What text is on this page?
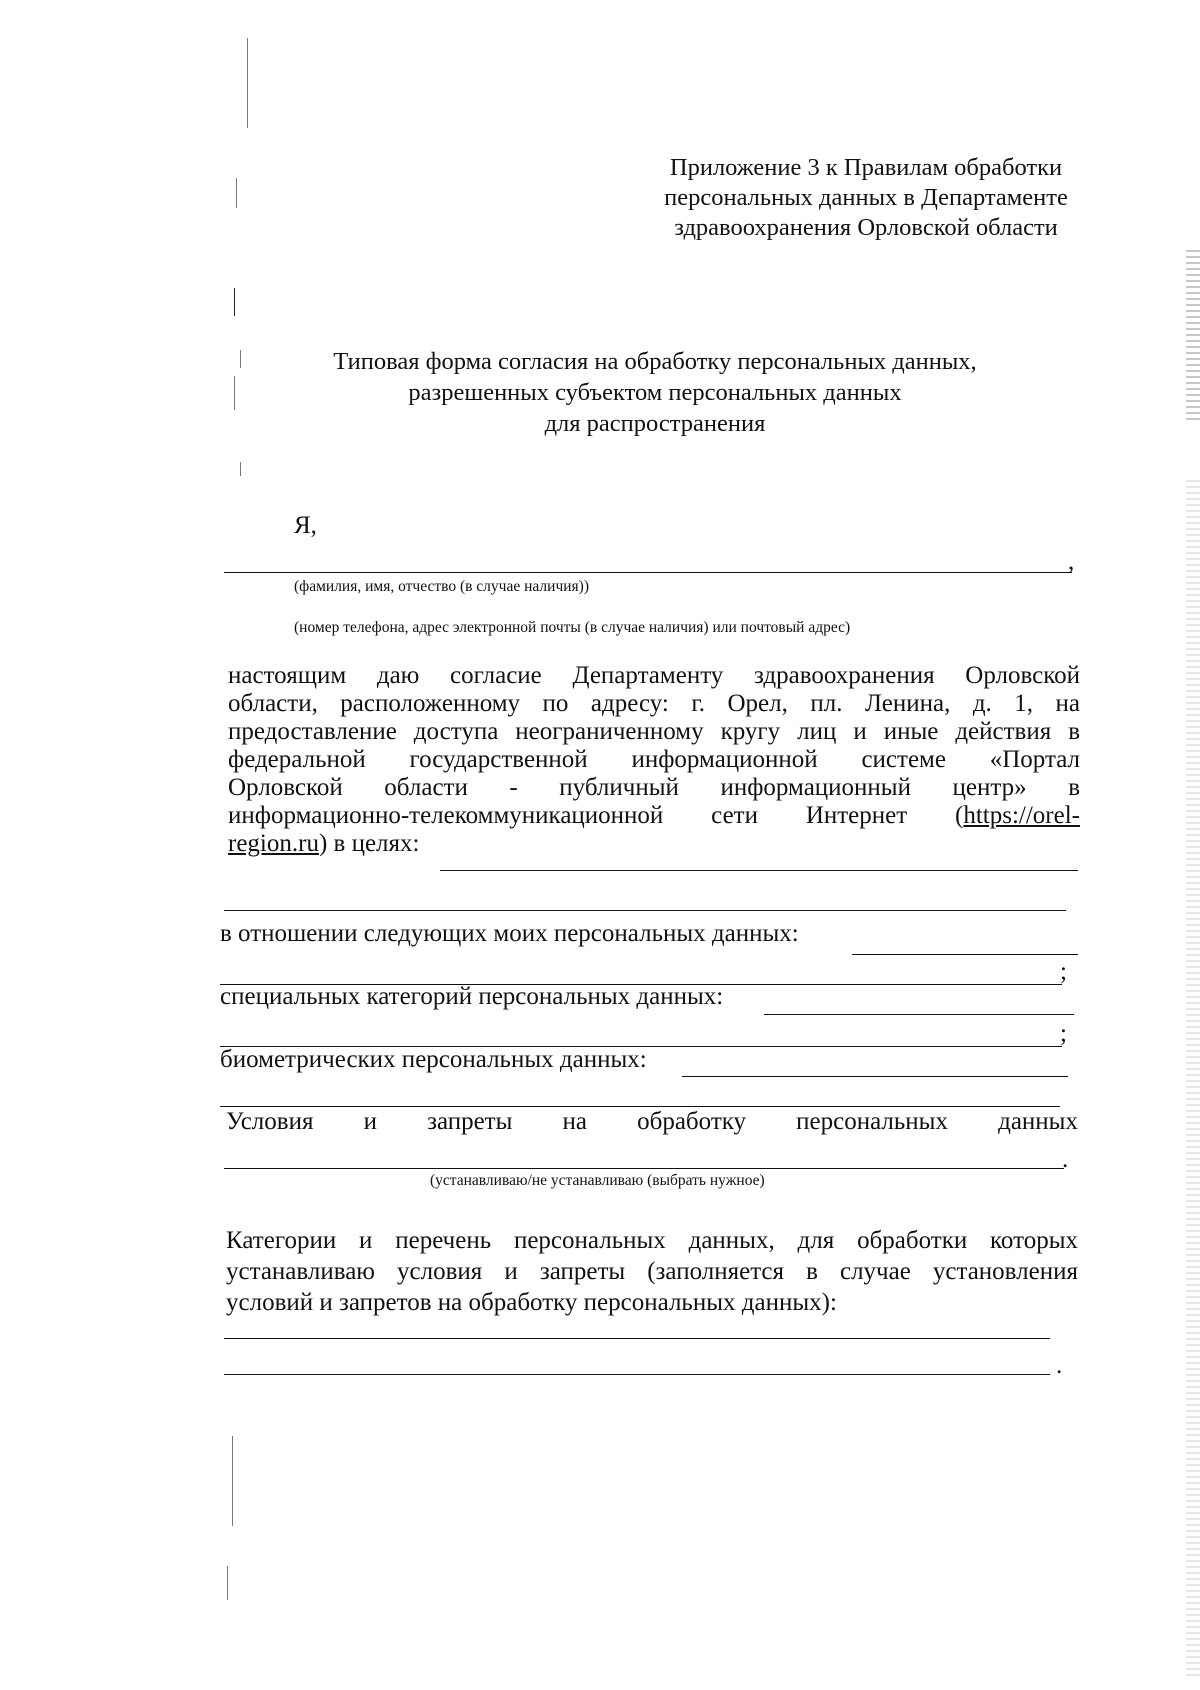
Приложение 3 к Правилам обработки
персональных данных в Департаменте
здравоохранения Орловской области
Типовая форма согласия на обработку персональных данных,
разрешенных субъектом персональных данных
для распространения
Я,
,
(фамилия, имя, отчество (в случае наличия))
(номер телефона, адрес электронной почты (в случае наличия) или почтовый адрес)
настоящим даю согласие Департаменту здравоохранения Орловской
области, расположенному по адресу: г. Орел, пл. Ленина, д. 1, на
предоставление доступа неограниченному кругу лиц и иные действия в
федеральной государственной информационной системе «Портал
Орловской области - публичный информационный центр» в
информационно-телекоммуникационной сети Интернет (https://orel-
region.ru) в целях:
в отношении следующих моих персональных данных:
;
специальных категорий персональных данных:
;
биометрических персональных данных:
Условия и запреты на обработку персональных данных
.
(устанавливаю/не устанавливаю (выбрать нужное)
Категории и перечень персональных данных, для обработки которых
устанавливаю условия и запреты (заполняется в случае установления
условий и запретов на обработку персональных данных):
.
